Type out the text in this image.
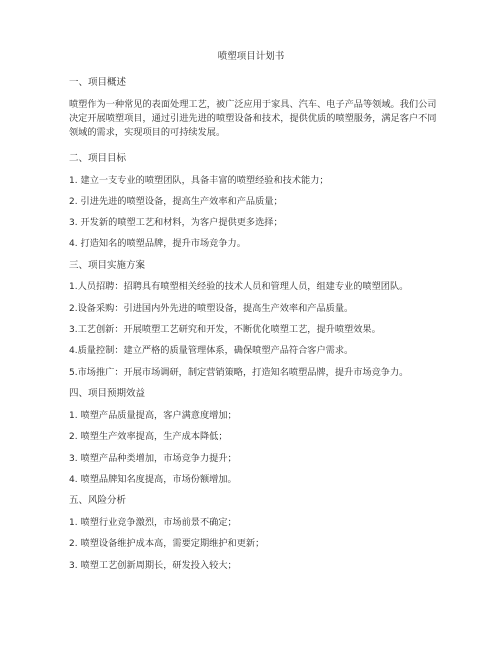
喷塑项目计划书
一、项目概述
喷塑作为一种常见的表面处理工艺，被广泛应用于家具、汽车、电子产品等领域。我们公司决定开展喷塑项目，通过引进先进的喷塑设备和技术，提供优质的喷塑服务，满足客户不同领域的需求，实现项目的可持续发展。
二、项目目标
1. 建立一支专业的喷塑团队，具备丰富的喷塑经验和技术能力；
2. 引进先进的喷塑设备，提高生产效率和产品质量；
3. 开发新的喷塑工艺和材料，为客户提供更多选择；
4. 打造知名的喷塑品牌，提升市场竞争力。
三、项目实施方案
1.人员招聘：招聘具有喷塑相关经验的技术人员和管理人员，组建专业的喷塑团队。
2.设备采购：引进国内外先进的喷塑设备，提高生产效率和产品质量。
3.工艺创新：开展喷塑工艺研究和开发，不断优化喷塑工艺，提升喷塑效果。
4.质量控制：建立严格的质量管理体系，确保喷塑产品符合客户需求。
5.市场推广：开展市场调研，制定营销策略，打造知名喷塑品牌，提升市场竞争力。
四、项目预期效益
1. 喷塑产品质量提高，客户满意度增加；
2. 喷塑生产效率提高，生产成本降低；
3. 喷塑产品种类增加，市场竞争力提升；
4. 喷塑品牌知名度提高，市场份额增加。
五、风险分析
1. 喷塑行业竞争激烈，市场前景不确定；
2. 喷塑设备维护成本高，需要定期维护和更新；
3. 喷塑工艺创新周期长，研发投入较大；
